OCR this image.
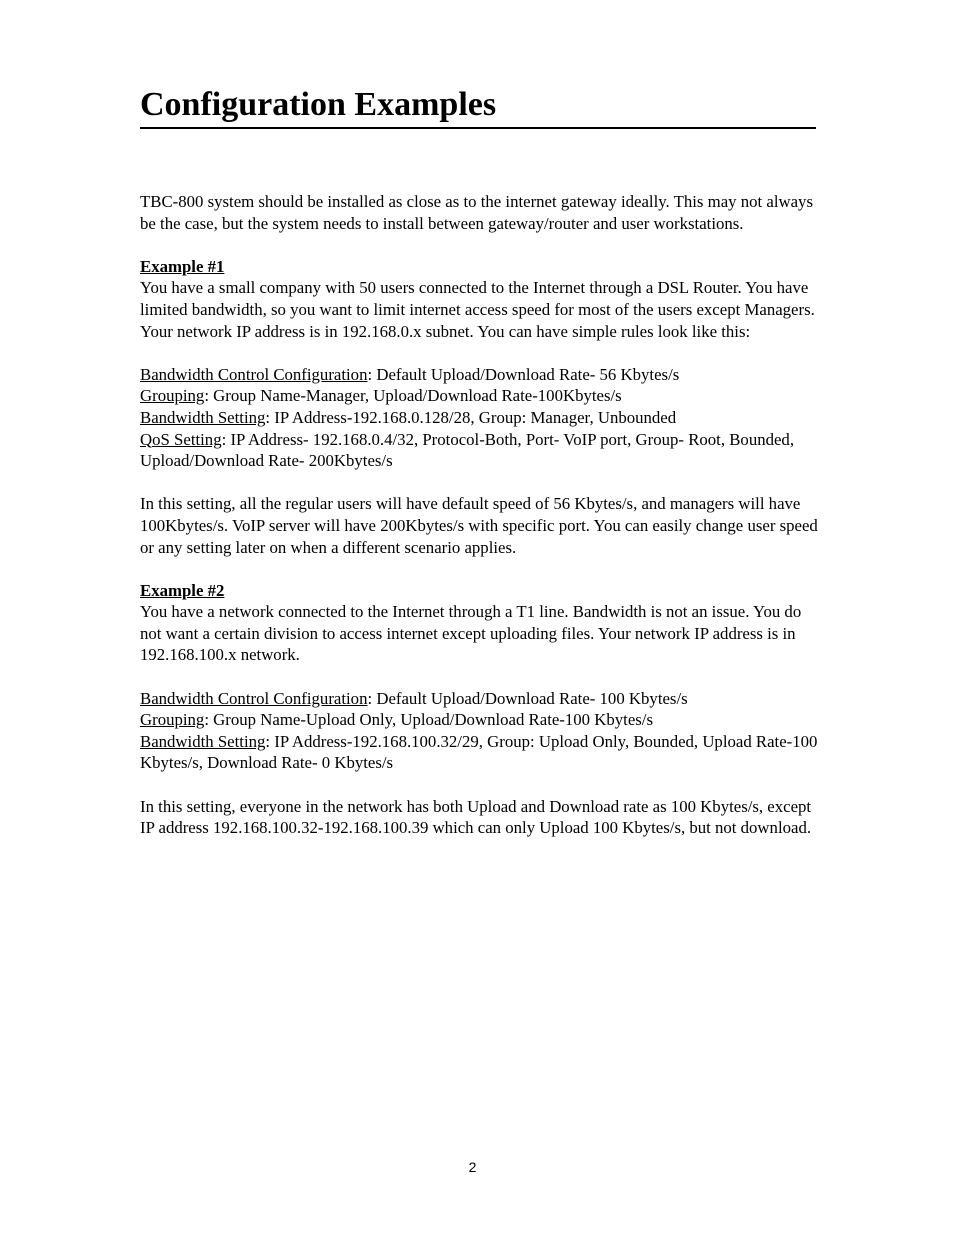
Configuration Examples

TBC-800 system should be installed as close as to the internet gateway ideally. This may not always be the case, but the system needs to install between gateway/router and user workstations.

Example #1

You have a small company with 50 users connected to the Internet through a DSL Router. You have limited bandwidth, so you want to limit internet access speed for most of the users except Managers. Your network IP address is in 192.168.0.x subnet. You can have simple rules look like this:

Bandwidth Control Configuration: Default Upload/Download Rate- 56 Kbytes/s

Grouping: Group Name-Manager, Upload/Download Rate-100Kbytes/s

Bandwidth Setting: IP Address-192.168.0.128/28, Group: Manager, Unbounded

QoS Setting: IP Address- 192.168.0.4/32, Protocol-Both, Port- VoIP port, Group- Root, Bounded, Upload/Download Rate- 200Kbytes/s

In this setting, all the regular users will have default speed of 56 Kbytes/s, and managers will have 100Kbytes/s. VoIP server will have 200Kbytes/s with specific port. You can easily change user speed or any setting later on when a different scenario applies.

Example #2

You have a network connected to the Internet through a T1 line. Bandwidth is not an issue. You do not want a certain division to access internet except uploading files. Your network IP address is in 192.168.100.x network.

Bandwidth Control Configuration: Default Upload/Download Rate- 100 Kbytes/s

Grouping: Group Name-Upload Only, Upload/Download Rate-100 Kbytes/s

Bandwidth Setting: IP Address-192.168.100.32/29, Group: Upload Only, Bounded, Upload Rate-100 Kbytes/s, Download Rate- 0 Kbytes/s

In this setting, everyone in the network has both Upload and Download rate as 100 Kbytes/s, except IP address 192.168.100.32-192.168.100.39 which can only Upload 100 Kbytes/s, but not download.

2
